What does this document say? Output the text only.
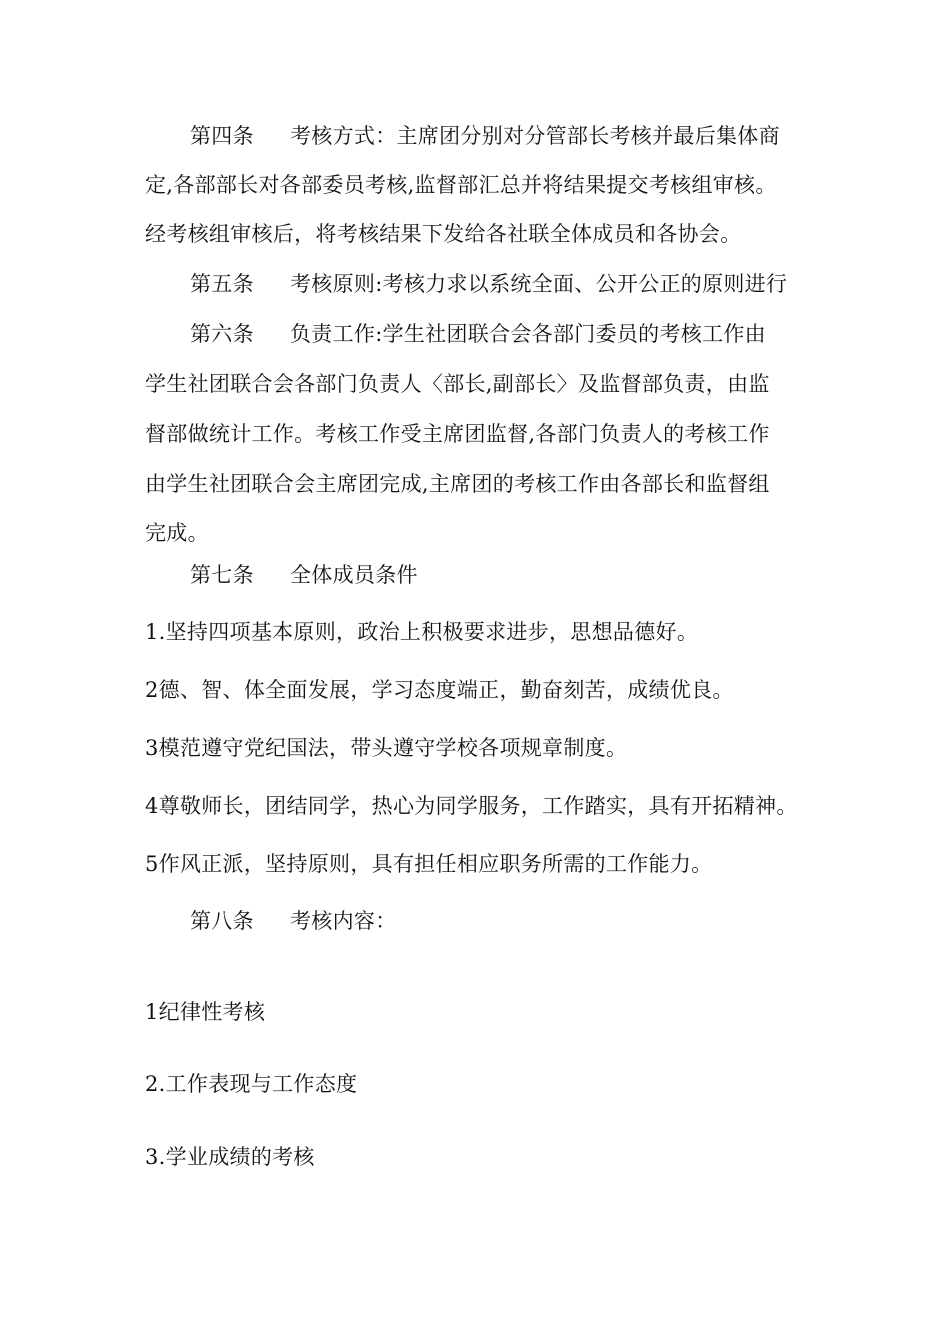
第四条 考核方式：主席团分别对分管部长考核并最后集体商
定,各部部长对各部委员考核,监督部汇总并将结果提交考核组审核。
经考核组审核后，将考核结果下发给各社联全体成员和各协会。
第五条 考核原则:考核力求以系统全面、公开公正的原则进行
第六条 负责工作:学生社团联合会各部门委员的考核工作由
学生社团联合会各部门负责人〈部长,副部长〉及监督部负责，由监
督部做统计工作。考核工作受主席团监督,各部门负责人的考核工作
由学生社团联合会主席团完成,主席团的考核工作由各部长和监督组
完成。
第七条 全体成员条件
1.坚持四项基本原则，政治上积极要求进步，思想品德好。
2德、智、体全面发展，学习态度端正，勤奋刻苦，成绩优良。
3模范遵守党纪国法，带头遵守学校各项规章制度。
4尊敬师长，团结同学，热心为同学服务，工作踏实，具有开拓精神。
5作风正派，坚持原则，具有担任相应职务所需的工作能力。
第八条 考核内容：
1纪律性考核
2.工作表现与工作态度
3.学业成绩的考核
